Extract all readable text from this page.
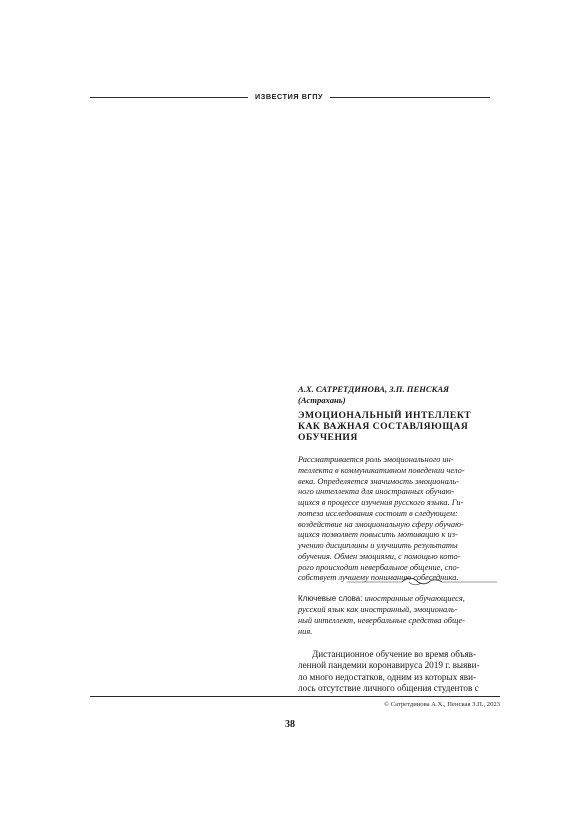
ИЗВЕСТИЯ ВГПУ
А.Х. САТРЕТДИНОВА, З.П. ПЕНСКАЯ
(Астрахань)
ЭМОЦИОНАЛЬНЫЙ ИНТЕЛЛЕКТ
КАК ВАЖНАЯ СОСТАВЛЯЮЩАЯ
ОБУЧЕНИЯ
Рассматривается роль эмоционального ин-
теллекта в коммуникативном поведении чело-
века. Определяется значимость эмоциональ-
ного интеллекта для иностранных обучаю-
щихся в процессе изучения русского языка. Ги-
потеза исследования состоит в следующем:
воздействие на эмоциональную сферу обучаю-
щихся позволяет повысить мотивацию к из-
учению дисциплины и улучшить результаты
обучения. Обмен эмоциями, с помощью кото-
рого происходит невербальное общение, спо-
собствует лучшему пониманию собеседника.
Ключевые слова: иностранные обучающиеся,
русский язык как иностранный, эмоциональ-
ный интеллект, невербальные средства обще-
ния.
Дистанционное обучение во время объяв-
ленной пандемии коронавируса 2019 г. выяви-
ло много недостатков, одним из которых яви-
лось отсутствие личного общения студентов с
© Сатретдинова А.Х., Пенская З.П., 2023
38
